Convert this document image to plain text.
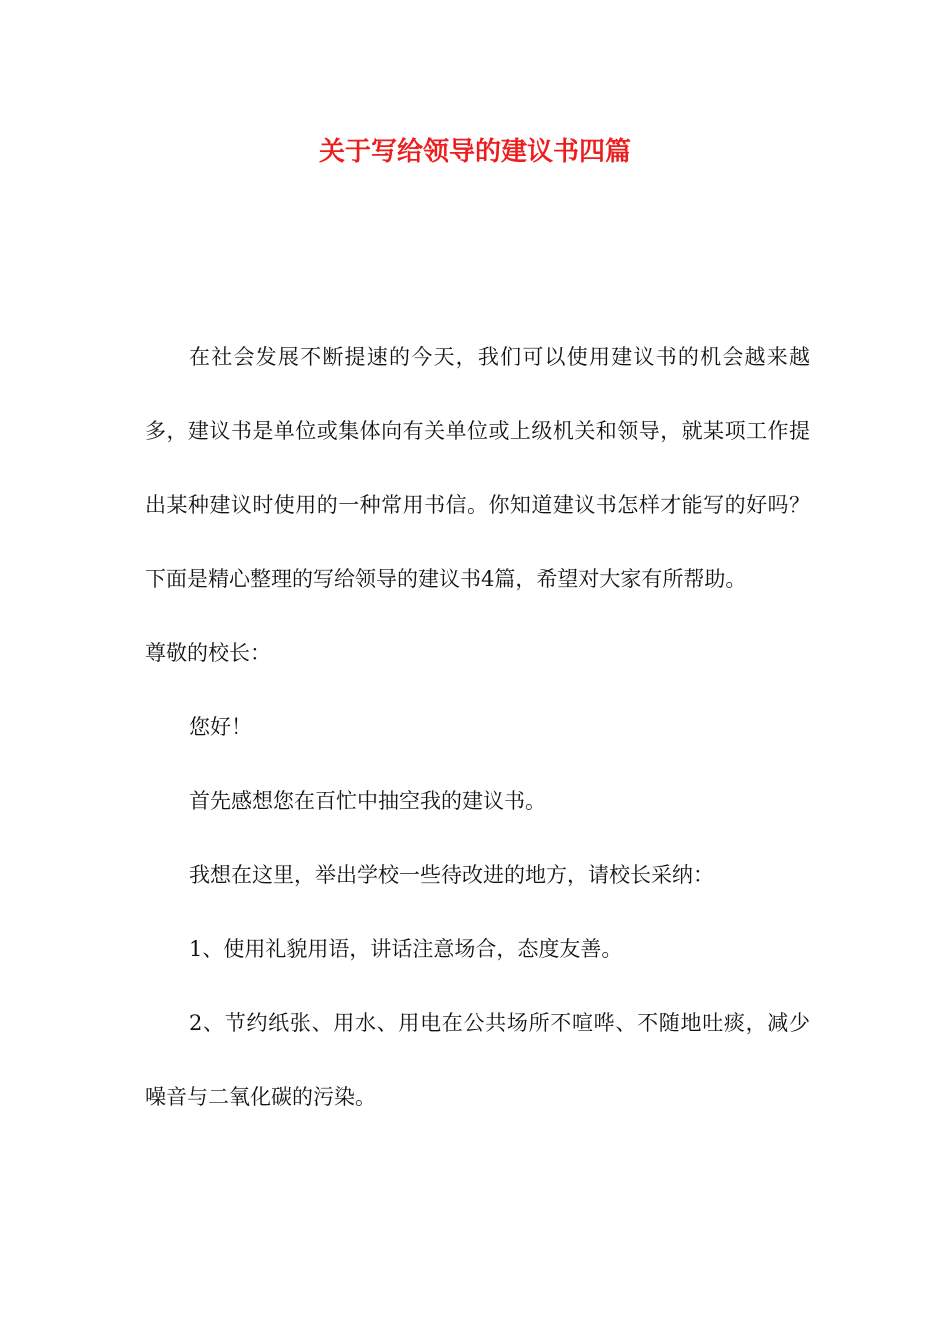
关于写给领导的建议书四篇

在社会发展不断提速的今天，我们可以使用建议书的机会越来越多，建议书是单位或集体向有关单位或上级机关和领导，就某项工作提出某种建议时使用的一种常用书信。你知道建议书怎样才能写的好吗？下面是精心整理的写给领导的建议书4篇，希望对大家有所帮助。

尊敬的校长：

您好！

首先感想您在百忙中抽空我的建议书。

我想在这里，举出学校一些待改进的地方，请校长采纳：

1、使用礼貌用语，讲话注意场合，态度友善。

2、节约纸张、用水、用电在公共场所不喧哗、不随地吐痰，减少噪音与二氧化碳的污染。
